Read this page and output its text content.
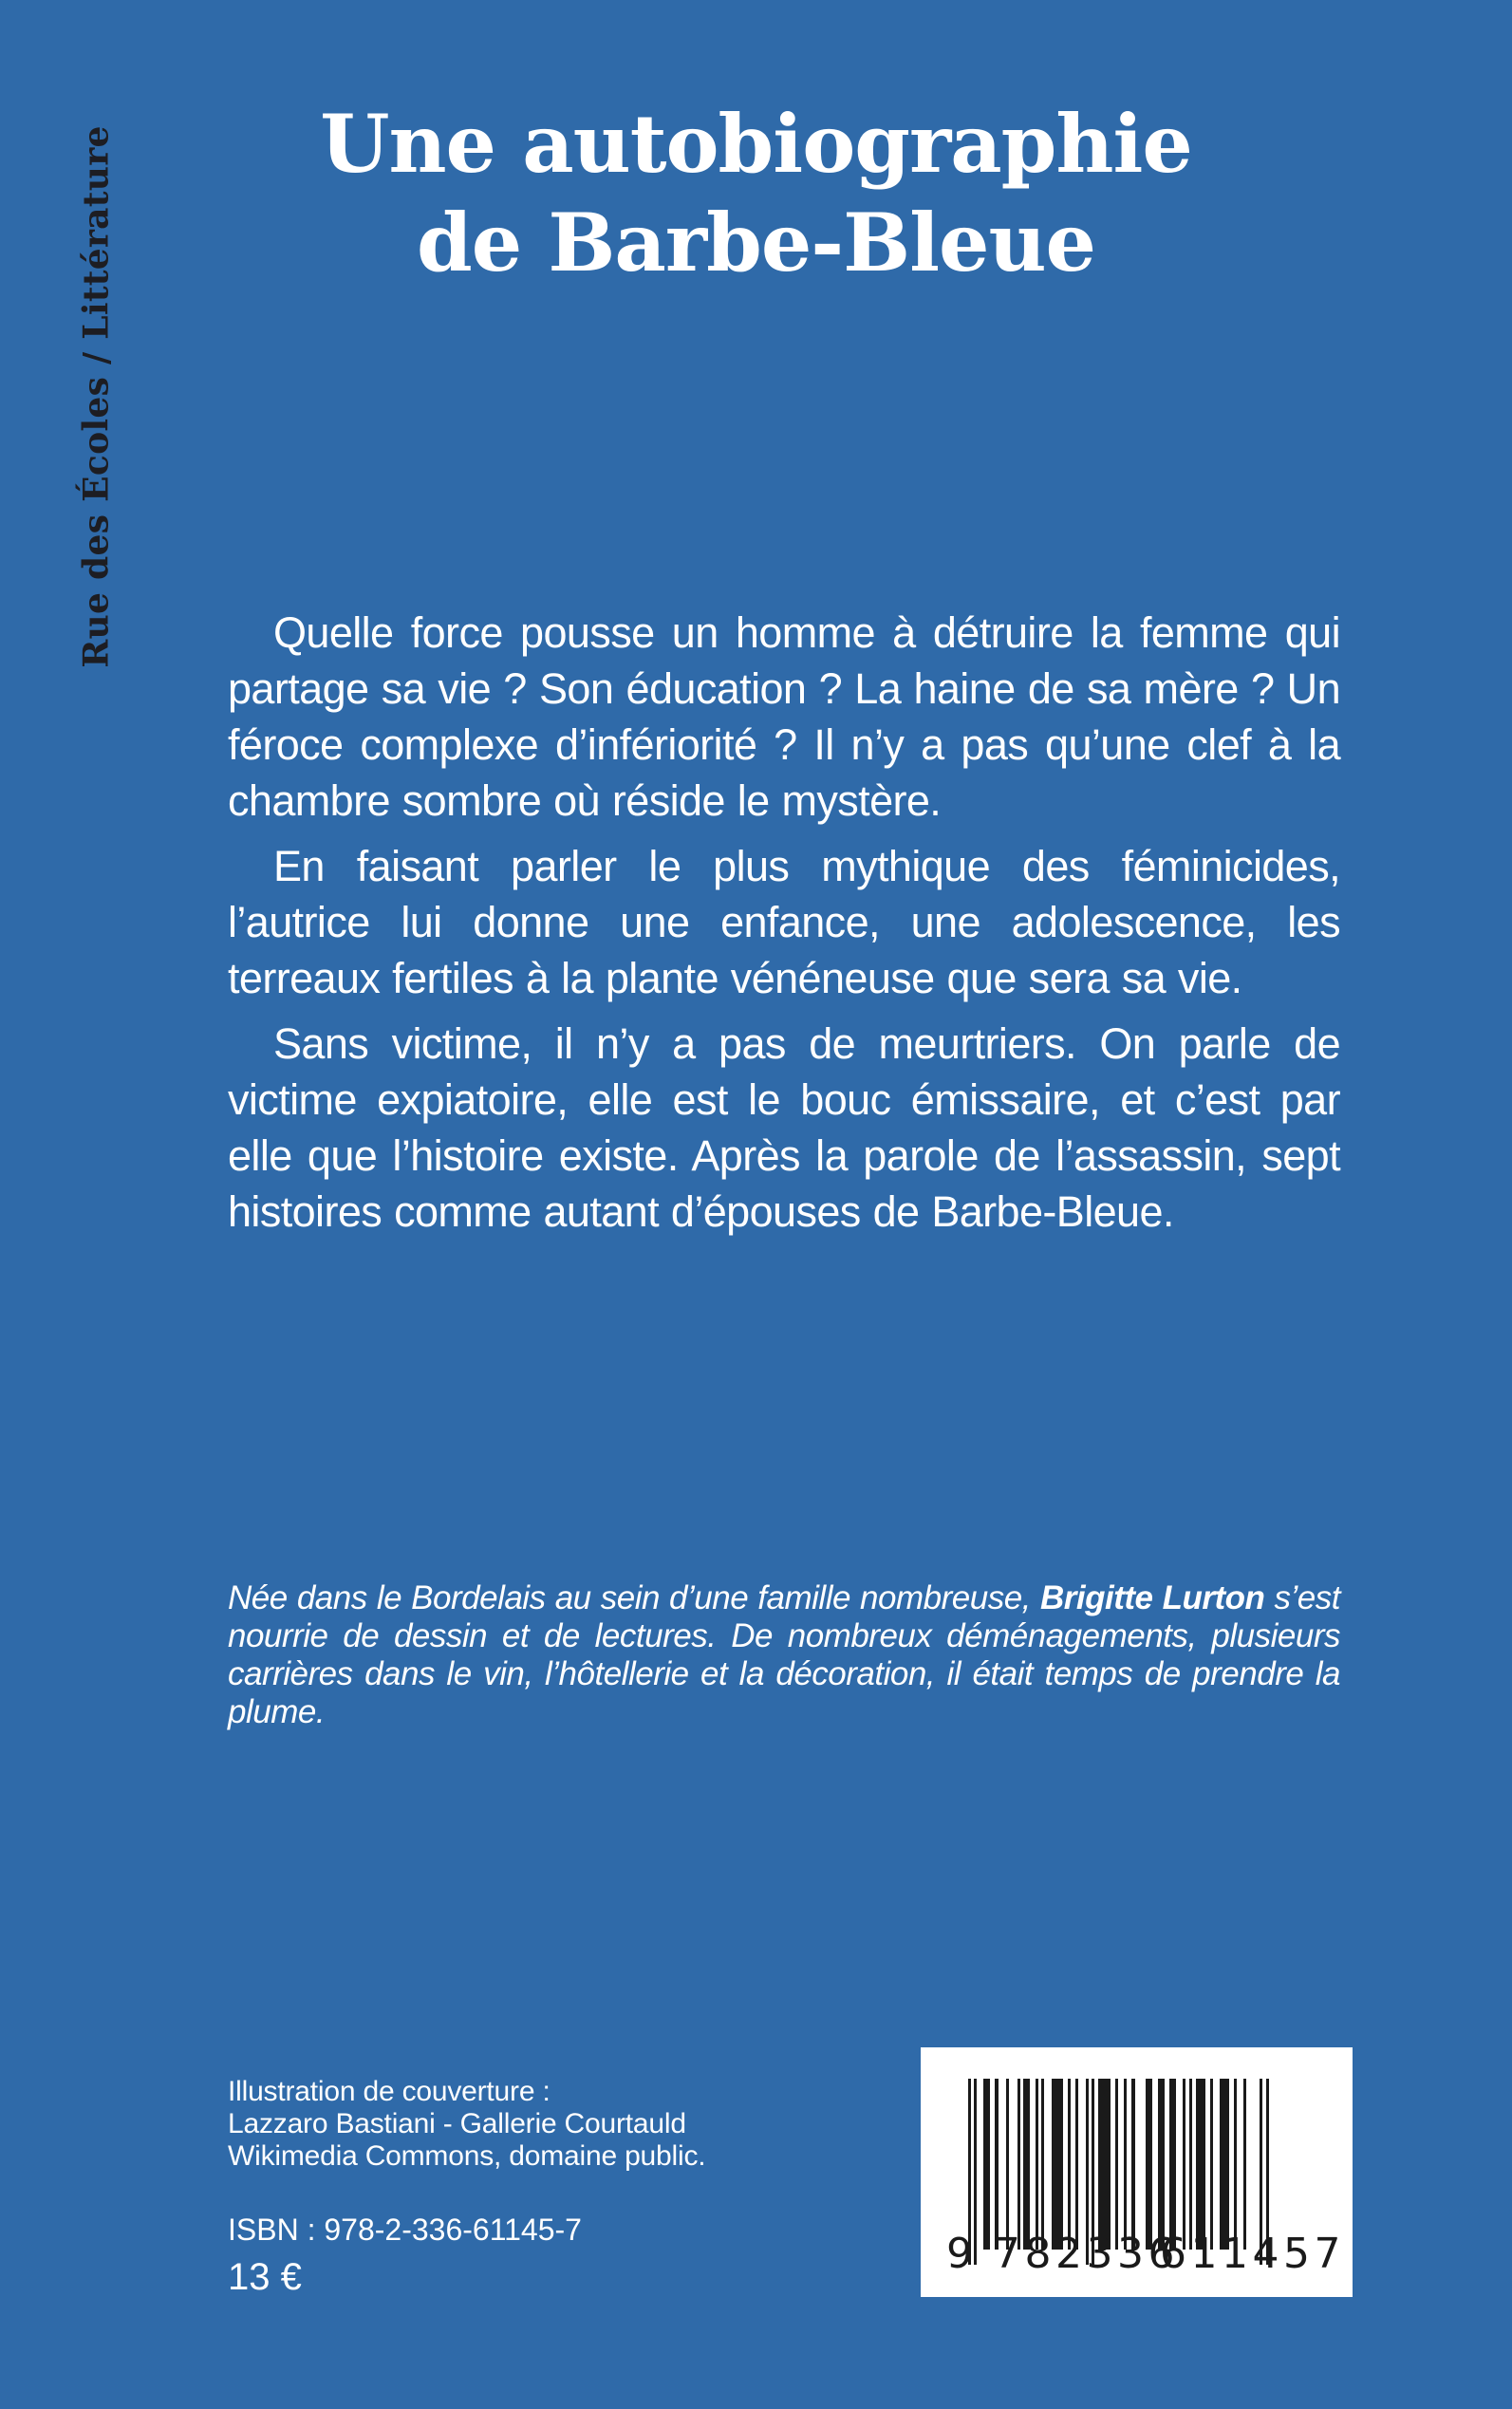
Rue des Écoles / Littérature	Une autobiographie
de Barbe-Bleue

Quelle force pousse un homme à détruire la femme qui partage sa vie ? Son éducation ? La haine de sa mère ? Un féroce complexe d’infériorité ? Il n’y a pas qu’une clef à la chambre sombre où réside le mystère.

En faisant parler le plus mythique des féminicides, l’autrice lui donne une enfance, une adolescence, les terreaux fertiles à la plante vénéneuse que sera sa vie.

Sans victime, il n’y a pas de meurtriers. On parle de victime expiatoire, elle est le bouc émissaire, et c’est par elle que l’histoire existe. Après la parole de l’assassin, sept histoires comme autant d’épouses de Barbe-Bleue.

Née dans le Bordelais au sein d’une famille nombreuse, Brigitte Lurton s’est nourrie de dessin et de lectures. De nombreux déménagements, plusieurs carrières dans le vin, l’hôtellerie et la décoration, il était temps de prendre la plume.

Illustration de couverture :
Lazzaro Bastiani - Gallerie Courtauld
Wikimedia Commons, domaine public.
ISBN : 978-2-336-61145-7
13 €	9 782336
611457
